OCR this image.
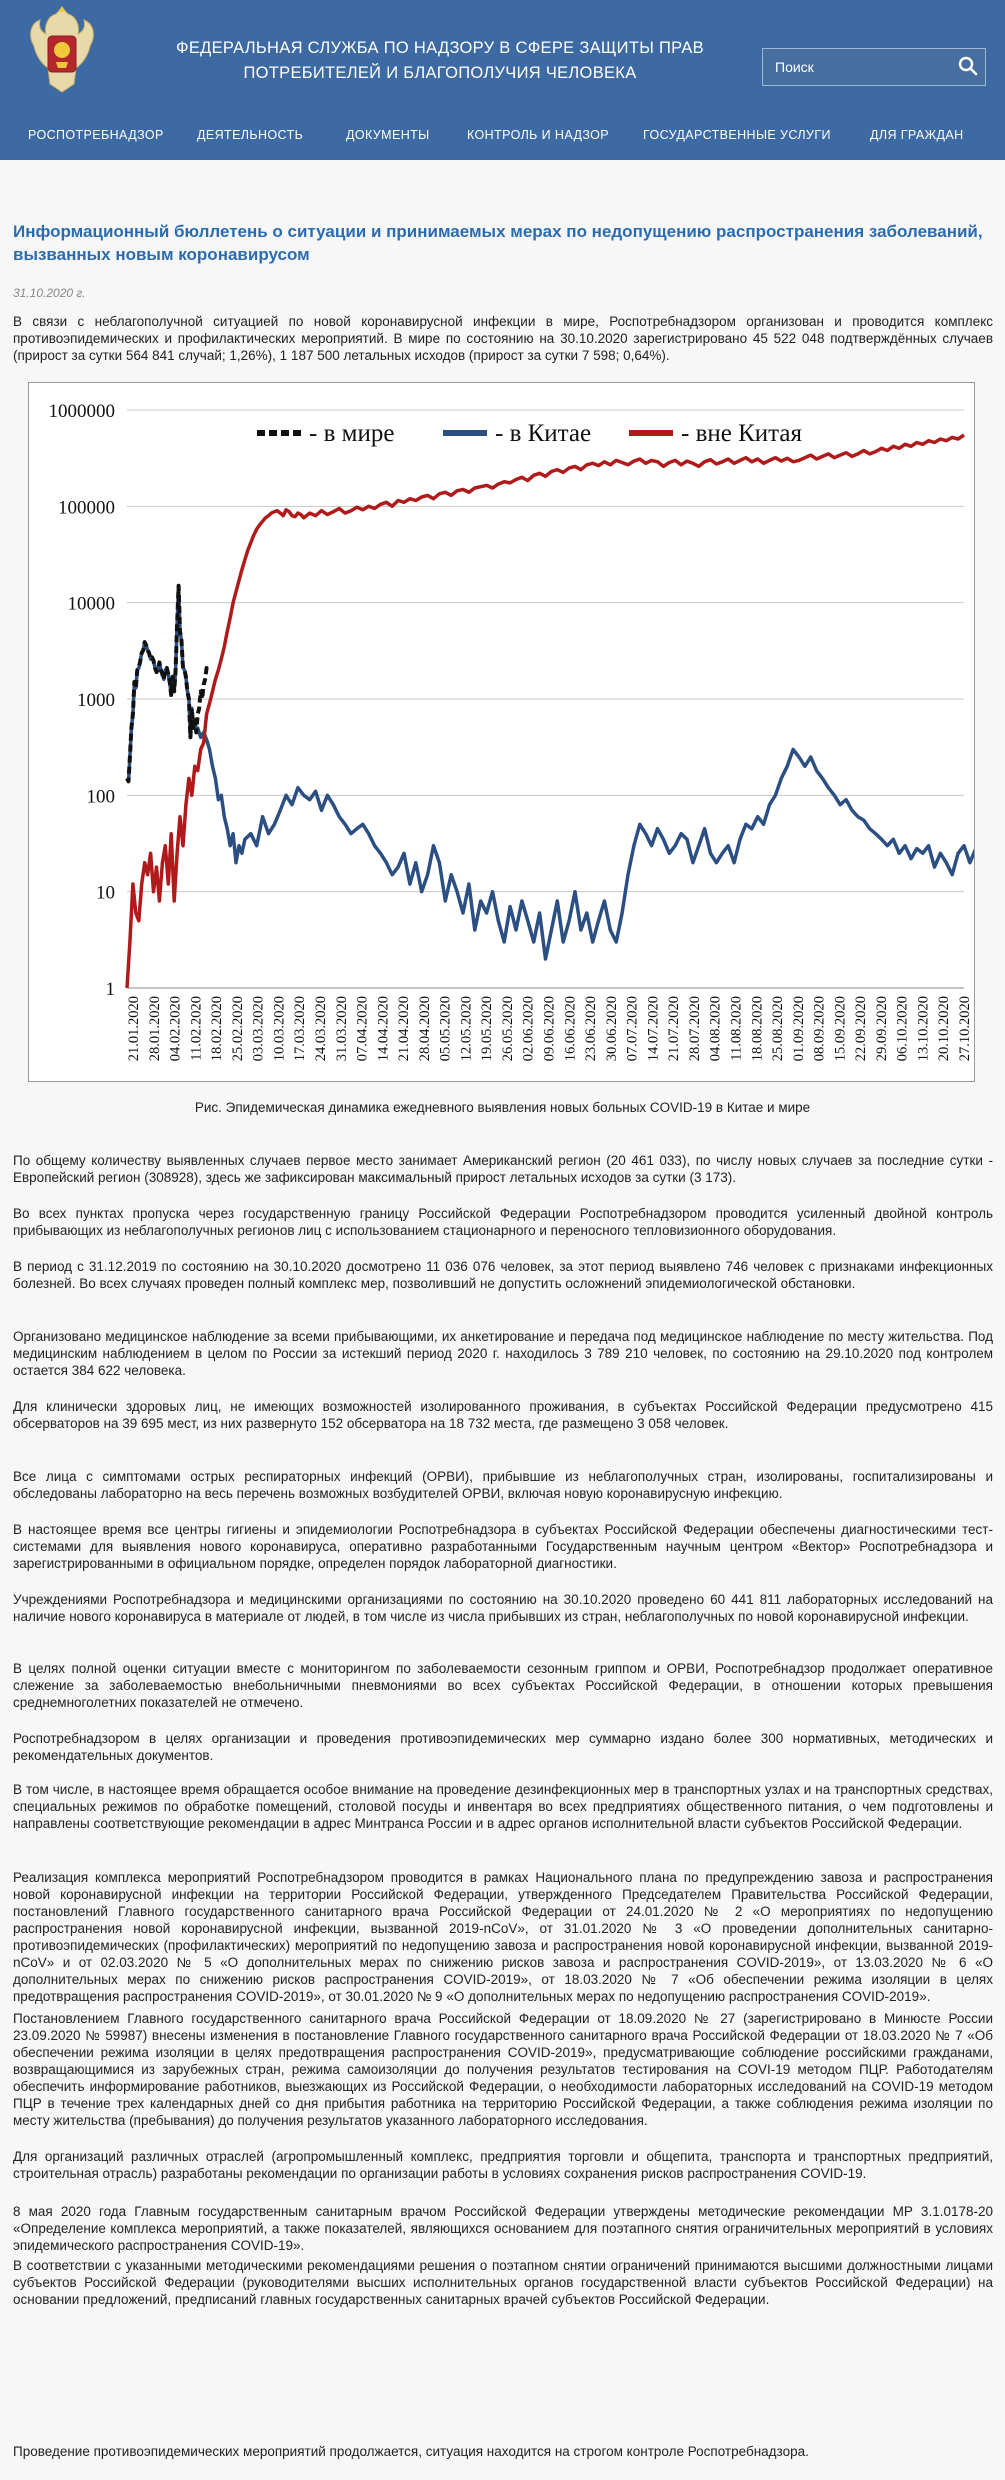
ФЕДЕРАЛЬНАЯ СЛУЖБА ПО НАДЗОРУ В СФЕРЕ ЗАЩИТЫ ПРАВ
ПОТРЕБИТЕЛЕЙ И БЛАГОПОЛУЧИЯ ЧЕЛОВЕКА
Поиск
РОСПОТРЕБНАДЗОР	ДЕЯТЕЛЬНОСТЬ	ДОКУМЕНТЫ	КОНТРОЛЬ И НАДЗОР	ГОСУДАРСТВЕННЫЕ УСЛУГИ	ДЛЯ ГРАЖДАН
Информационный бюллетень о ситуации и принимаемых мерах по недопущению распространения заболеваний, вызванных новым коронавирусом
31.10.2020 г.
В связи с неблагополучной ситуацией по новой коронавирусной инфекции в мире, Роспотребнадзором организован и проводится комплекс противоэпидемических и профилактических мероприятий. В мире по состоянию на 30.10.2020 зарегистрировано 45 522 048 подтверждённых случаев (прирост за сутки 564 841 случай; 1,26%), 1 187 500 летальных исходов (прирост за сутки 7 598; 0,64%).
1
10
100
1000
10000
100000
1000000
21.01.2020 28.01.2020 04.02.2020 11.02.2020 18.02.2020 25.02.2020 03.03.2020 10.03.2020 17.03.2020 24.03.2020 31.03.2020 07.04.2020 14.04.2020 21.04.2020 28.04.2020 05.05.2020 12.05.2020 19.05.2020 26.05.2020 02.06.2020 09.06.2020 16.06.2020 23.06.2020 30.06.2020 07.07.2020 14.07.2020 21.07.2020 28.07.2020 04.08.2020 11.08.2020 18.08.2020 25.08.2020 01.09.2020 08.09.2020 15.09.2020 22.09.2020 29.09.2020 06.10.2020 13.10.2020 20.10.2020 27.10.2020
- в мире	- в Китае	- вне Китая
Рис. Эпидемическая динамика ежедневного выявления новых больных COVID-19 в Китае и мире
По общему количеству выявленных случаев первое место занимает Американский регион (20 461 033), по числу новых случаев за последние сутки - Европейский регион (308928), здесь же зафиксирован максимальный прирост летальных исходов за сутки (3 173).
Во всех пунктах пропуска через государственную границу Российской Федерации Роспотребнадзором проводится усиленный двойной контроль прибывающих из неблагополучных регионов лиц с использованием стационарного и переносного тепловизионного оборудования.
В период с 31.12.2019 по состоянию на 30.10.2020 досмотрено 11 036 076 человек, за этот период выявлено 746 человек с признаками инфекционных болезней. Во всех случаях проведен полный комплекс мер, позволивший не допустить осложнений эпидемиологической обстановки.
Организовано медицинское наблюдение за всеми прибывающими, их анкетирование и передача под медицинское наблюдение по месту жительства. Под медицинским наблюдением в целом по России за истекший период 2020 г. находилось 3 789 210 человек, по состоянию на 29.10.2020 под контролем остается 384 622 человека.
Для клинически здоровых лиц, не имеющих возможностей изолированного проживания, в субъектах Российской Федерации предусмотрено 415 обсерваторов на 39 695 мест, из них развернуто 152 обсерватора на 18 732 места, где размещено 3 058 человек.
Все лица с симптомами острых респираторных инфекций (ОРВИ), прибывшие из неблагополучных стран, изолированы, госпитализированы и обследованы лабораторно на весь перечень возможных возбудителей ОРВИ, включая новую коронавирусную инфекцию.
В настоящее время все центры гигиены и эпидемиологии Роспотребнадзора в субъектах Российской Федерации обеспечены диагностическими тест-системами для выявления нового коронавируса, оперативно разработанными Государственным научным центром «Вектор» Роспотребнадзора и зарегистрированными в официальном порядке, определен порядок лабораторной диагностики.
Учреждениями Роспотребнадзора и медицинскими организациями по состоянию на 30.10.2020 проведено 60 441 811 лабораторных исследований на наличие нового коронавируса в материале от людей, в том числе из числа прибывших из стран, неблагополучных по новой коронавирусной инфекции.
В целях полной оценки ситуации вместе с мониторингом по заболеваемости сезонным гриппом и ОРВИ, Роспотребнадзор продолжает оперативное слежение за заболеваемостью внебольничными пневмониями во всех субъектах Российской Федерации, в отношении которых превышения среднемноголетних показателей не отмечено.
Роспотребнадзором в целях организации и проведения противоэпидемических мер суммарно издано более 300 нормативных, методических и рекомендательных документов.
В том числе, в настоящее время обращается особое внимание на проведение дезинфекционных мер в транспортных узлах и на транспортных средствах, специальных режимов по обработке помещений, столовой посуды и инвентаря во всех предприятиях общественного питания, о чем подготовлены и направлены соответствующие рекомендации в адрес Минтранса России и в адрес органов исполнительной власти субъектов Российской Федерации.
Реализация комплекса мероприятий Роспотребнадзором проводится в рамках Национального плана по предупреждению завоза и распространения новой коронавирусной инфекции на территории Российской Федерации, утвержденного Председателем Правительства Российской Федерации, постановлений Главного государственного санитарного врача Российской Федерации от 24.01.2020 № 2 «О мероприятиях по недопущению распространения новой коронавирусной инфекции, вызванной 2019-nCoV», от 31.01.2020 № 3 «О проведении дополнительных санитарно-противоэпидемических (профилактических) мероприятий по недопущению завоза и распространения новой коронавирусной инфекции, вызванной 2019-nCoV» и от 02.03.2020 № 5 «О дополнительных мерах по снижению рисков завоза и распространения COVID-2019», от 13.03.2020 № 6 «О дополнительных мерах по снижению рисков распространения COVID-2019», от 18.03.2020 № 7 «Об обеспечении режима изоляции в целях предотвращения распространения COVID-2019», от 30.01.2020 № 9 «О дополнительных мерах по недопущению распространения COVID-2019».
Постановлением Главного государственного санитарного врача Российской Федерации от 18.09.2020 № 27 (зарегистрировано в Минюсте России 23.09.2020 № 59987) внесены изменения в постановление Главного государственного санитарного врача Российской Федерации от 18.03.2020 № 7 «Об обеспечении режима изоляции в целях предотвращения распространения COVID-2019», предусматривающие соблюдение российскими гражданами, возвращающимися из зарубежных стран, режима самоизоляции до получения результатов тестирования на COVI-19 методом ПЦР. Работодателям обеспечить информирование работников, выезжающих из Российской Федерации, о необходимости лабораторных исследований на COVID-19 методом ПЦР в течение трех календарных дней со дня прибытия работника на территорию Российской Федерации, а также соблюдения режима изоляции по месту жительства (пребывания) до получения результатов указанного лабораторного исследования.
Для организаций различных отраслей (агропромышленный комплекс, предприятия торговли и общепита, транспорта и транспортных предприятий, строительная отрасль) разработаны рекомендации по организации работы в условиях сохранения рисков распространения COVID-19.
8 мая 2020 года Главным государственным санитарным врачом Российской Федерации утверждены методические рекомендации МР 3.1.0178-20 «Определение комплекса мероприятий, а также показателей, являющихся основанием для поэтапного снятия ограничительных мероприятий в условиях эпидемического распространения COVID-19».
В соответствии с указанными методическими рекомендациями решения о поэтапном снятии ограничений принимаются высшими должностными лицами субъектов Российской Федерации (руководителями высших исполнительных органов государственной власти субъектов Российской Федерации) на основании предложений, предписаний главных государственных санитарных врачей субъектов Российской Федерации.
Проведение противоэпидемических мероприятий продолжается, ситуация находится на строгом контроле Роспотребнадзора.
